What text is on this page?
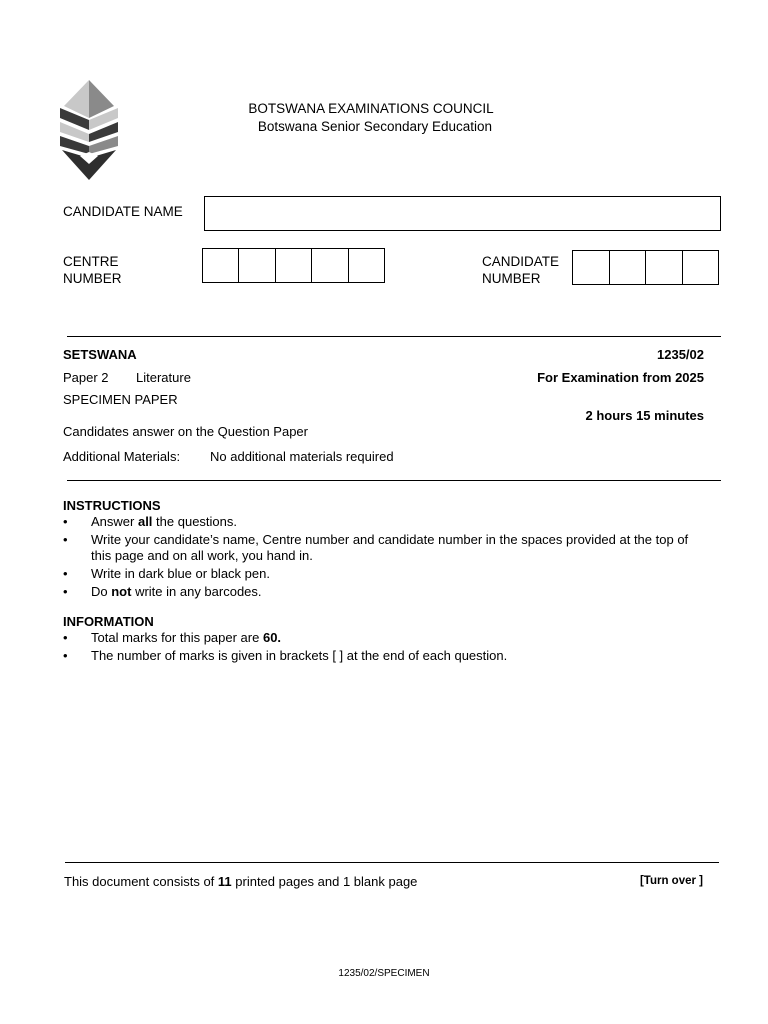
BOTSWANA EXAMINATIONS COUNCIL
Botswana Senior Secondary Education
CANDIDATE NAME
CENTRE
NUMBER
CANDIDATE
NUMBER
SETSWANA	1235/02
Paper 2 Literature	For Examination from 2025
SPECIMEN PAPER
2 hours 15 minutes
Candidates answer on the Question Paper
Additional Materials: No additional materials required
INSTRUCTIONS
• Answer all the questions.
• Write your candidate’s name, Centre number and candidate number in the spaces provided at the top of this page and on all work, you hand in.
• Write in dark blue or black pen.
• Do not write in any barcodes.
INFORMATION
• Total marks for this paper are 60.
• The number of marks is given in brackets [ ] at the end of each question.
This document consists of 11 printed pages and 1 blank page	[Turn over ]
1235/02/SPECIMEN
